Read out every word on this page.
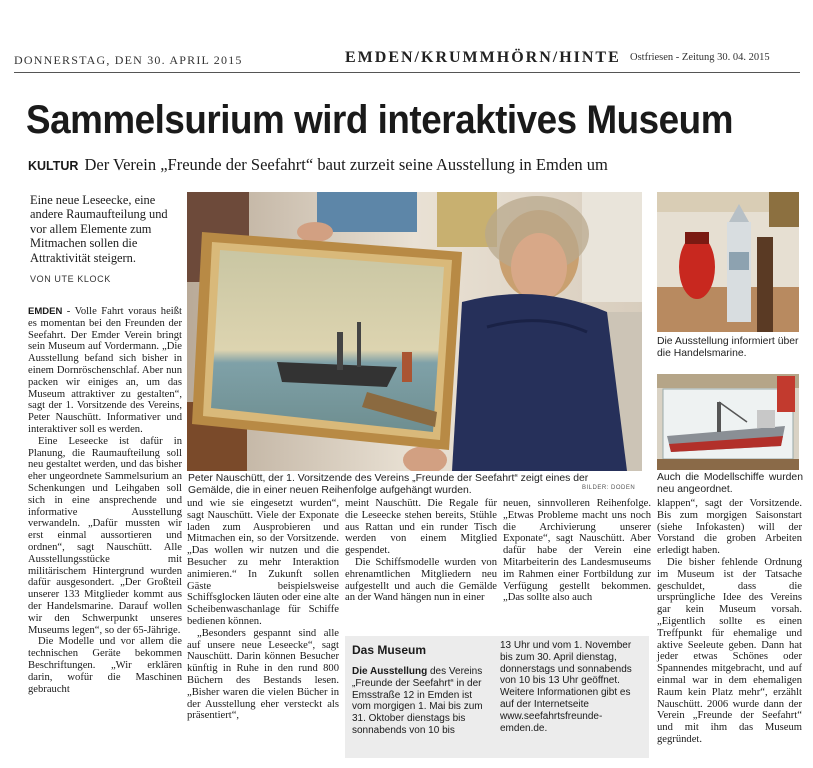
DONNERSTAG, DEN 30. APRIL 2015	EMDEN/KRUMMHÖRN/HINTE Ostfriesen - Zeitung 30. 04. 2015
Sammelsurium wird interaktives Museum
KULTUR Der Verein „Freunde der Seefahrt“ baut zurzeit seine Ausstellung in Emden um
Eine neue Leseecke, eine andere Raumaufteilung und vor allem Elemente zum Mitmachen sollen die Attraktivität steigern.
VON UTE KLOCK

EMDEN - Volle Fahrt voraus heißt es momentan bei den Freunden der Seefahrt. Der Emder Verein bringt sein Museum auf Vordermann. „Die Ausstellung befand sich bisher in einem Dornröschenschlaf. Aber nun packen wir einiges an, um das Museum attraktiver zu gestalten“, sagt der 1. Vorsitzende des Vereins, Peter Nauschütt. Informativer und interaktiver soll es werden.

Eine Leseecke ist dafür in Planung, die Raumaufteilung soll neu gestaltet werden, und das bisher eher ungeordnete Sammelsurium an Schenkungen und Leihgaben soll sich in eine ansprechende und informative Ausstellung verwandeln. „Dafür mussten wir erst einmal aussortieren und ordnen“, sagt Nauschütt. Alle Ausstellungsstücke mit militärischem Hintergrund wurden dafür ausgesondert. „Der Großteil unserer 133 Mitglieder kommt aus der Handelsmarine. Darauf wollen wir den Schwerpunkt unseres Museums legen“, so der 65-Jährige.

Die Modelle und vor allem die technischen Geräte bekommen Beschriftungen. „Wir erklären darin, wofür die Maschinen gebraucht

Peter Nauschütt, der 1. Vorsitzende des Vereins „Freunde der Seefahrt“ zeigt eines der Gemälde, die in einer neuen Reihenfolge aufgehängt wurden.	BILDER: DODEN
Die Ausstellung informiert über die Handelsmarine.
Auch die Modellschiffe wurden neu angeordnet.

und wie sie eingesetzt wurden“, sagt Nauschütt. Viele der Exponate laden zum Ausprobieren und Mitmachen ein, so der Vorsitzende. „Das wollen wir nutzen und die Besucher zu mehr Interaktion animieren.“ In Zukunft sollen Gäste beispielsweise Schiffsglocken läuten oder eine alte Scheibenwaschanlage für Schiffe bedienen können.

„Besonders gespannt sind alle auf unsere neue Leseecke“, sagt Nauschütt. Darin können Besucher künftig in Ruhe in den rund 800 Büchern des Bestands lesen. „Bisher waren die vielen Bücher in der Ausstellung eher versteckt als präsentiert“,

meint Nauschütt. Die Regale für die Leseecke stehen bereits, Stühle aus Rattan und ein runder Tisch werden von einem Mitglied gespendet.

Die Schiffsmodelle wurden von ehrenamtlichen Mitgliedern neu aufgestellt und auch die Gemälde an der Wand hängen nun in einer

neuen, sinnvolleren Reihenfolge. „Etwas Probleme macht uns noch die Archivierung unserer Exponate“, sagt Nauschütt. Aber dafür habe der Verein eine Mitarbeiterin des Landesmuseums im Rahmen einer Fortbildung zur Verfügung gestellt bekommen. „Das sollte also auch

klappen“, sagt der Vorsitzende. Bis zum morgigen Saisonstart (siehe Infokasten) will der Vorstand die groben Arbeiten erledigt haben.

Die bisher fehlende Ordnung im Museum ist der Tatsache geschuldet, dass die ursprüngliche Idee des Vereins gar kein Museum vorsah. „Eigentlich sollte es einen Treffpunkt für ehemalige und aktive Seeleute geben. Dann hat jeder etwas Schönes oder Spannendes mitgebracht, und auf einmal war in dem ehemaligen Raum kein Platz mehr“, erzählt Nauschütt. 2006 wurde dann der Verein „Freunde der Seefahrt“ und mit ihm das Museum gegründet.

Das Museum
Die Ausstellung des Vereins „Freunde der Seefahrt“ in der Emsstraße 12 in Emden ist vom morgigen 1. Mai bis zum 31. Oktober dienstags bis sonnabends von 10 bis
13 Uhr und vom 1. November bis zum 30. April dienstag, donnerstags und sonnabends von 10 bis 13 Uhr geöffnet. Weitere Informationen gibt es auf der Internetseite www.seefahrtsfreunde-emden.de.
